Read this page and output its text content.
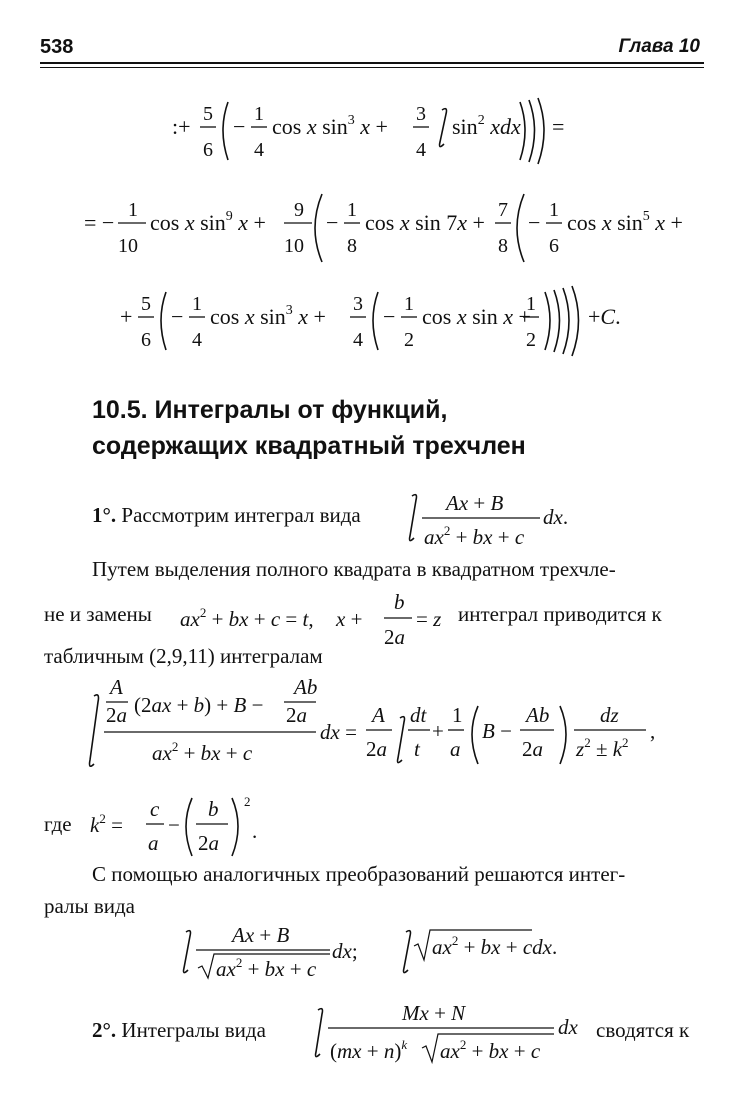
538	Глава 10
:+ 5
6
− 1
4
cos x $\sin^3 x + 3$
4
$\sin^2$ xdx =
= − 1
10
cos x $\sin^9 x + 9$
10
− 1
8
cos x sin 7x + 7
8
− 1
6
cos x $\sin^5 x$ +
+ 5
6
− 1
4
cos x $\sin^3 x + 3$
4
− 1
2
cos x sin x +
1
2
+C.
10.5. Интегралы от функций,
содержащих квадратный трехчлен
1°. Рассмотрим интеграл вида	Ax + B
$ax^2$ + bx + c
dx.
Путем выделения полного квадрата в квадратном трехчле-
не и замены $ax^2$ + bx + c = t, x +
b
2a
= z интеграл приводится к
табличным (2,9,11) интегралам
A
2a (2ax + b) + B −
Ab
2a
$ax^2$ + bx + c
dx =
A
2a
dt
t
+
1
a
B −
Ab
2a
dz
$z^2 \pm k^2$ ,
где $k^2$ =
c
a
−
b
2a
2
.
С помощью аналогичных преобразований решаются интег-
ралы вида
Ax + B
$ax^2$ + bx + c
dx;	$ax^2$ + bx + cdx.
2°. Интегралы вида
Mx + N
(mx + n)$^k$ $ax^2$ + bx + c
dx сводятся к
